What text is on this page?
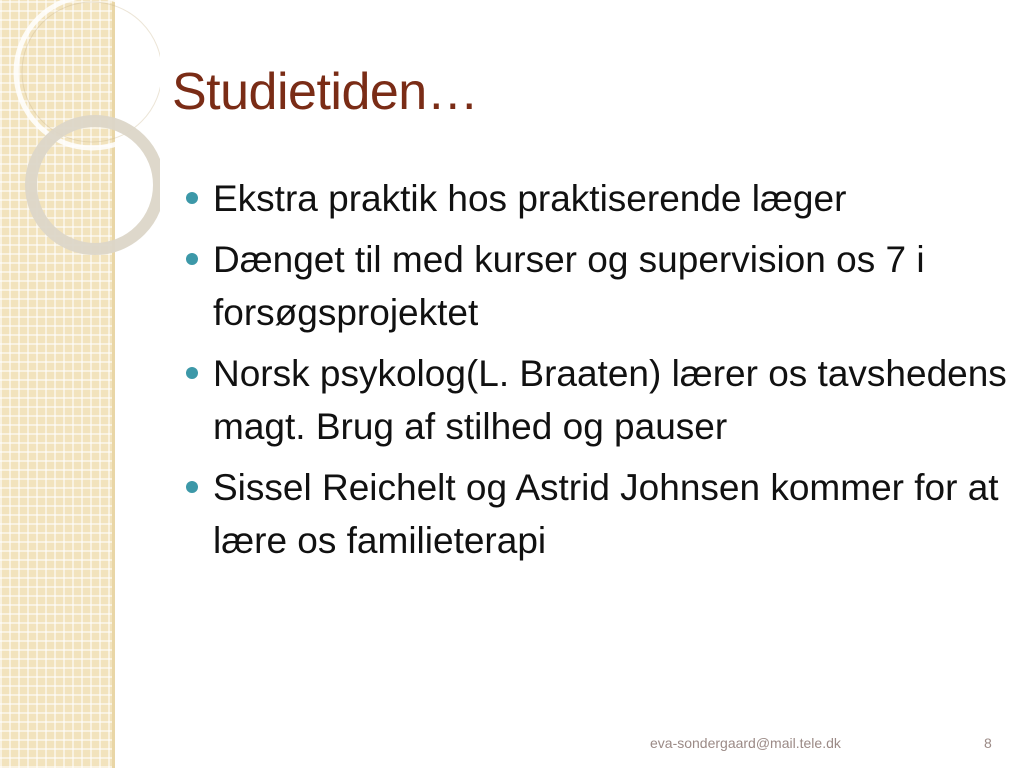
Studietiden…
Ekstra praktik hos praktiserende læger
Dænget til med kurser og supervision os 7 i forsøgsprojektet
Norsk psykolog(L. Braaten) lærer os tavshedens magt. Brug af stilhed og pauser
Sissel Reichelt og Astrid Johnsen kommer for at lære os familieterapi
eva-sondergaard@mail.tele.dk	8
